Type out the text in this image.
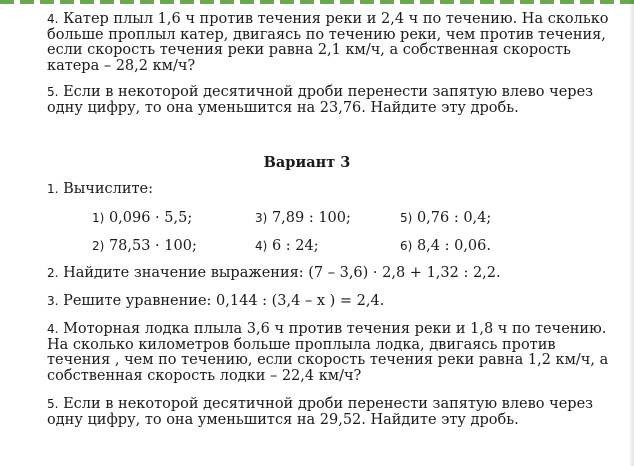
4. Катер плыл 1,6 ч против течения реки и 2,4 ч по течению. На сколько
больше проплыл катер, двигаясь по течению реки, чем против течения,
если скорость течения реки равна 2,1 км/ч, а собственная скорость
катера – 28,2 км/ч?
5. Если в некоторой десятичной дроби перенести запятую влево через
одну цифру, то она уменьшится на 23,76. Найдите эту дробь.
Вариант 3
1. Вычислите:
1) 0,096 · 5,5;	3) 7,89 : 100;	5) 0,76 : 0,4;
2) 78,53 · 100;	4) 6 : 24;	6) 8,4 : 0,06.
2. Найдите значение выражения: (7 – 3,6) · 2,8 + 1,32 : 2,2.
3. Решите уравнение: 0,144 : (3,4 – x ) = 2,4.
4. Моторная лодка плыла 3,6 ч против течения реки и 1,8 ч по течению.
На сколько километров больше проплыла лодка, двигаясь против
течения , чем по течению, если скорость течения реки равна 1,2 км/ч, а
собственная скорость лодки – 22,4 км/ч?
5. Если в некоторой десятичной дроби перенести запятую влево через
одну цифру, то она уменьшится на 29,52. Найдите эту дробь.
